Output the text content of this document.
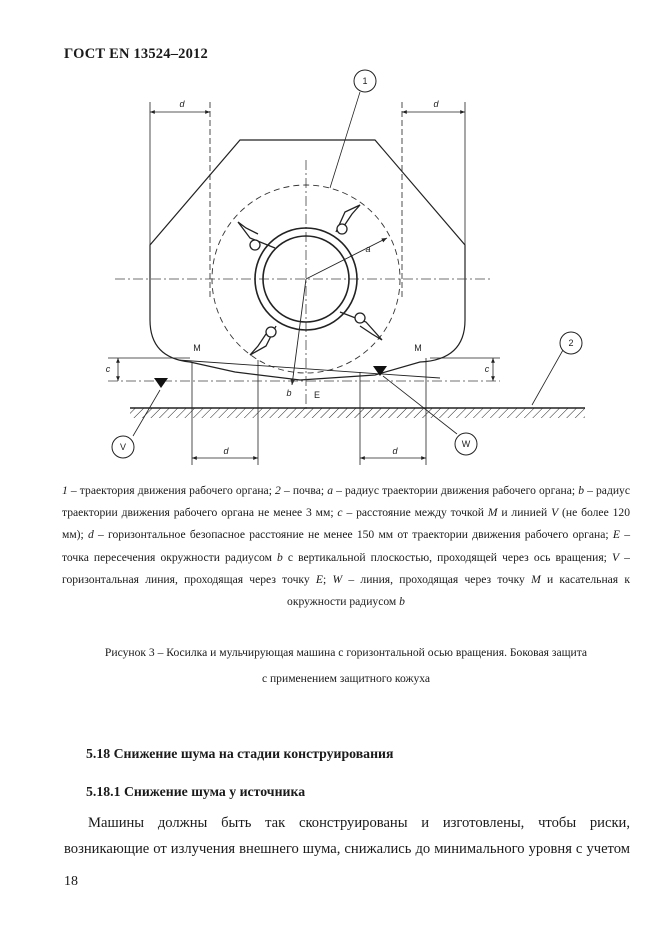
ГОСТ EN 13524–2012
1
2
V	W
d	d
d	d
c	c
a
b E
M	M

1 – траектория движения рабочего органа; 2 – почва; a – радиус траектории движения рабочего органа; b – радиус траектории движения рабочего органа не менее 3 мм; c – расстояние между точкой M и линией V (не более 120 мм); d – горизонтальное безопасное расстояние не менее 150 мм от траектории движения рабочего органа; E – точка пересечения окружности радиусом b с вертикальной плоскостью, проходящей через ось вращения; V – горизонтальная линия, проходящая через точку E; W – линия, проходящая через точку M и касательная к окружности радиусом b

Рисунок 3 – Косилка и мульчирующая машина с горизонтальной осью вращения. Боковая защита
с применением защитного кожуха
5.18 Снижение шума на стадии конструирования
5.18.1 Снижение шума у источника
Машины должны быть так сконструированы и изготовлены, чтобы риски, возникающие от излучения внешнего шума, снижались до минимального уровня с учетом
18
